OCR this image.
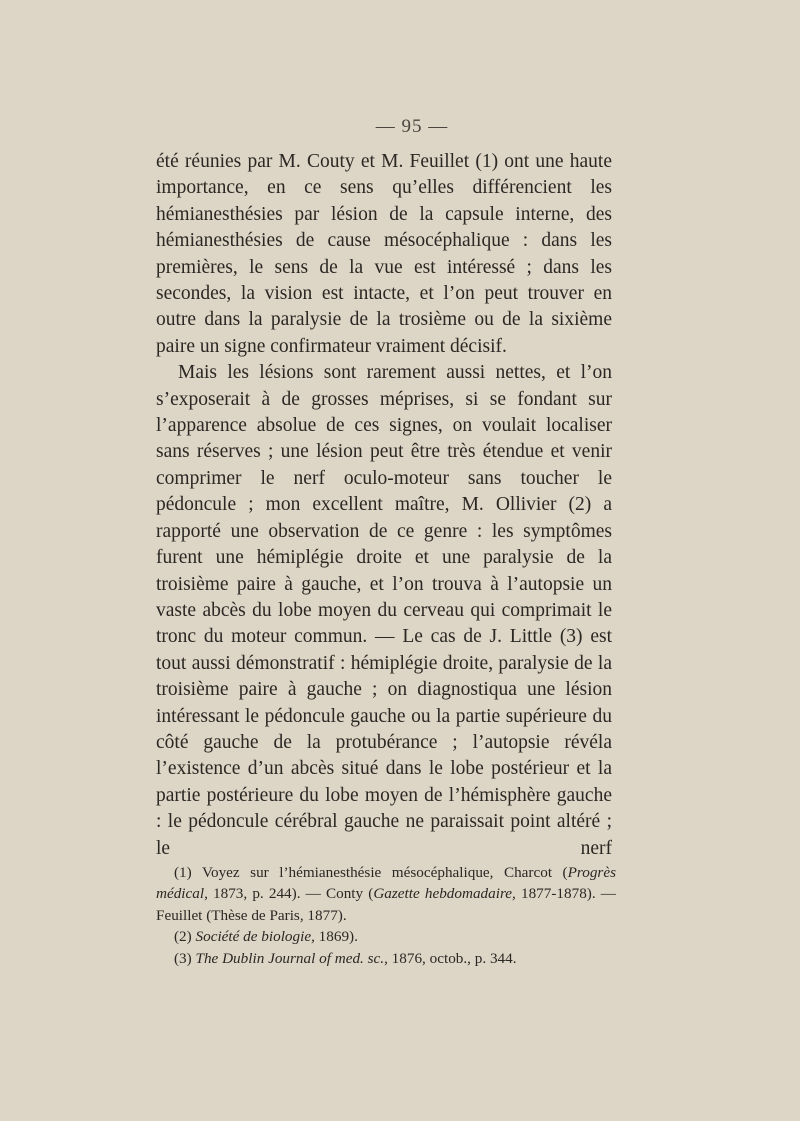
— 95 —

été réunies par M. Couty et M. Feuillet (1) ont une haute importance, en ce sens qu’elles différencient les hémianesthésies par lésion de la capsule interne, des hémianesthésies de cause mésocéphalique : dans les premières, le sens de la vue est intéressé ; dans les secondes, la vision est intacte, et l’on peut trouver en outre dans la paralysie de la trosième ou de la sixième paire un signe confirmateur vraiment décisif.

Mais les lésions sont rarement aussi nettes, et l’on s’exposerait à de grosses méprises, si se fondant sur l’apparence absolue de ces signes, on voulait localiser sans réserves ; une lésion peut être très étendue et venir comprimer le nerf oculo-moteur sans toucher le pédoncule ; mon excellent maître, M. Ollivier (2) a rapporté une observation de ce genre : les symptômes furent une hémiplégie droite et une paralysie de la troisième paire à gauche, et l’on trouva à l’autopsie un vaste abcès du lobe moyen du cerveau qui comprimait le tronc du moteur commun. — Le cas de J. Little (3) est tout aussi démonstratif : hémiplégie droite, paralysie de la troisième paire à gauche ; on diagnostiqua une lésion intéressant le pédoncule gauche ou la partie supérieure du côté gauche de la protubérance ; l’autopsie révéla l’existence d’un abcès situé dans le lobe postérieur et la partie postérieure du lobe moyen de l’hémisphère gauche : le pédoncule cérébral gauche ne paraissait point altéré ; le nerf

(1) Voyez sur l’hémianesthésie mésocéphalique, Charcot (Progrès médical, 1873, p. 244). — Conty (Gazette hebdomadaire, 1877-1878). — Feuillet (Thèse de Paris, 1877).

(2) Société de biologie, 1869).

(3) The Dublin Journal of med. sc., 1876, octob., p. 344.
